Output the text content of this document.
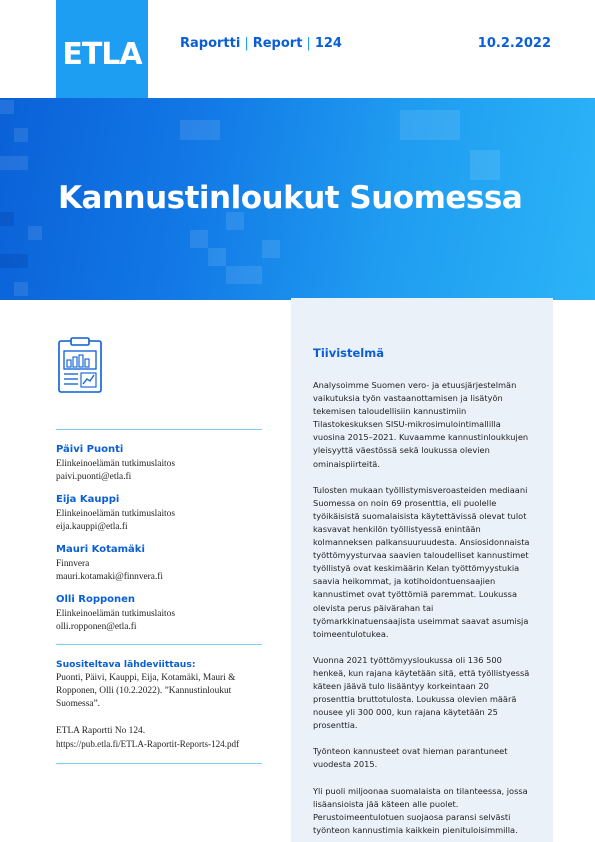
Raportti | Report | 124	10.2.2022
ETLA
Kannustinloukut Suomessa
Päivi Puonti
Elinkeinoelämän tutkimuslaitos
paivi.puonti@etla.fi
Eija Kauppi
Elinkeinoelämän tutkimuslaitos
eija.kauppi@etla.fi
Mauri Kotamäki
Finnvera
mauri.kotamaki@finnvera.fi
Olli Ropponen
Elinkeinoelämän tutkimuslaitos
olli.ropponen@etla.fi
Suositeltava lähdeviittaus:
Puonti, Päivi, Kauppi, Eija, Kotamäki, Mauri & Ropponen, Olli (10.2.2022). ”Kannustinloukut Suomessa”.
ETLA Raportti No 124.
https://pub.etla.fi/ETLA-Raportit-Reports-124.pdf
Tiivistelmä

Analysoimme Suomen vero- ja etuusjärjestelmän vaikutuksia työn vastaanottamisen ja lisätyön tekemisen taloudellisiin kannustimiin Tilastokeskuksen SISU-mikrosimulointimallilla vuosina 2015–2021. Kuvaamme kannustinloukkujen yleisyyttä väestössä sekä loukussa olevien ominaispiirteitä.

Tulosten mukaan työllistymisveroasteiden mediaani Suomessa on noin 69 prosenttia, eli puolelle työikäisistä suomalaisista käytettävissä olevat tulot kasvavat henkilön työllistyessä enintään kolmanneksen palkansuuruudesta. Ansiosidonnaista työttömyysturvaa saavien taloudelliset kannustimet työllistyä ovat keskimäärin Kelan työttömyystukia saavia heikommat, ja kotihoidontuensaajien kannustimet ovat työttömiä paremmat. Loukussa olevista perus päivärahan tai työmarkkinatuensaajista useimmat saavat asumisja toimeentulotukea.

Vuonna 2021 työttömyysloukussa oli 136 500 henkeä, kun rajana käytetään sitä, että työllistyessä käteen jäävä tulo lisääntyy korkeintaan 20 prosenttia bruttotulosta. Loukussa olevien määrä nousee yli 300 000, kun rajana käytetään 25 prosenttia.

Työnteon kannusteet ovat hieman parantuneet vuodesta 2015.

Yli puoli miljoonaa suomalaista on tilanteessa, jossa lisäansioista jää käteen alle puolet. Perustoimeentulotuen suojaosa paransi selvästi työnteon kannustimia kaikkein pienituloisimmilla.
